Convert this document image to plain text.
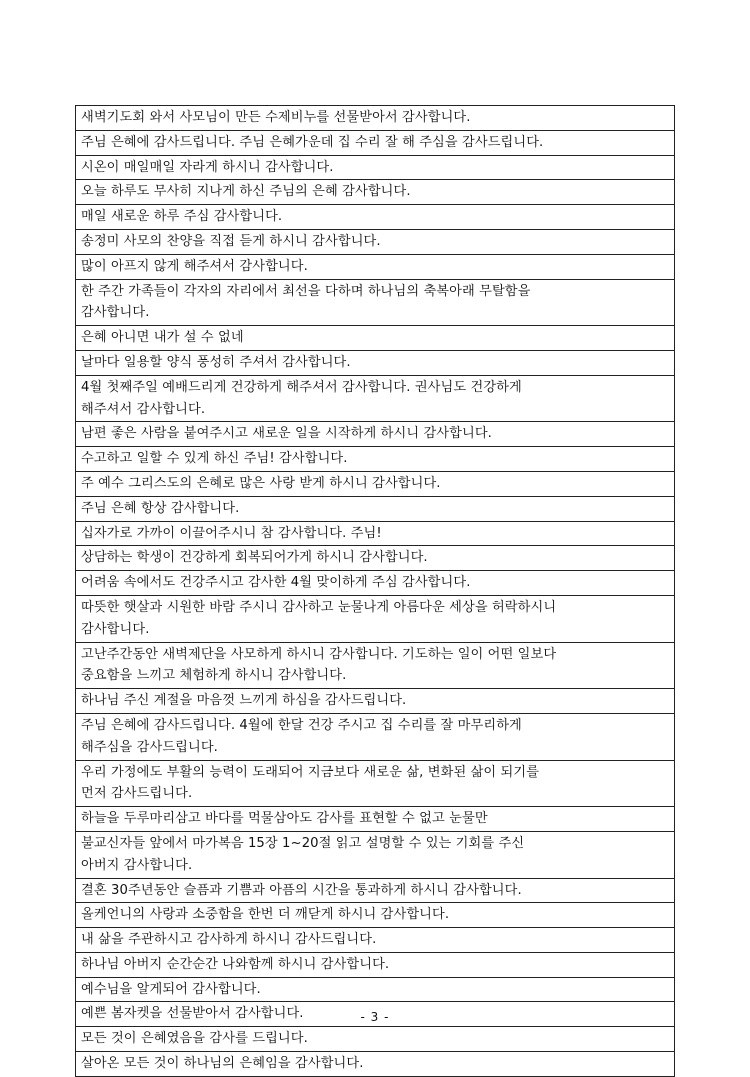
새벽기도회 와서 사모님이 만든 수제비누를 선물받아서 감사합니다.
주님 은혜에 감사드립니다. 주님 은혜가운데 집 수리 잘 해 주심을 감사드립니다.
시온이 매일매일 자라게 하시니 감사합니다.
오늘 하루도 무사히 지나게 하신 주님의 은혜 감사합니다.
매일 새로운 하루 주심 감사합니다.
송정미 사모의 찬양을 직접 듣게 하시니 감사합니다.
많이 아프지 않게 해주셔서 감사합니다.
한 주간 가족들이 각자의 자리에서 최선을 다하며 하나님의 축복아래 무탈함을
감사합니다.
은혜 아니면 내가 설 수 없네
날마다 일용할 양식 풍성히 주셔서 감사합니다.
4월 첫째주일 예배드리게 건강하게 해주셔서 감사합니다. 권사님도 건강하게
해주셔서 감사합니다.
남편 좋은 사람을 붙여주시고 새로운 일을 시작하게 하시니 감사합니다.
수고하고 일할 수 있게 하신 주님! 감사합니다.
주 예수 그리스도의 은혜로 많은 사랑 받게 하시니 감사합니다.
주님 은혜 항상 감사합니다.
십자가로 가까이 이끌어주시니 참 감사합니다. 주님!
상담하는 학생이 건강하게 회복되어가게 하시니 감사합니다.
어려움 속에서도 건강주시고 감사한 4월 맞이하게 주심 감사합니다.
따뜻한 햇살과 시원한 바람 주시니 감사하고 눈물나게 아름다운 세상을 허락하시니
감사합니다.
고난주간동안 새벽제단을 사모하게 하시니 감사합니다. 기도하는 일이 어떤 일보다
중요함을 느끼고 체험하게 하시니 감사합니다.
하나님 주신 계절을 마음껏 느끼게 하심을 감사드립니다.
주님 은혜에 감사드립니다. 4월에 한달 건강 주시고 집 수리를 잘 마무리하게
해주심을 감사드립니다.
우리 가정에도 부활의 능력이 도래되어 지금보다 새로운 삶, 변화된 삶이 되기를
먼저 감사드립니다.
하늘을 두루마리삼고 바다를 먹물삼아도 감사를 표현할 수 없고 눈물만
불교신자들 앞에서 마가복음 15장 1~20절 읽고 설명할 수 있는 기회를 주신
아버지 감사합니다.
결혼 30주년동안 슬픔과 기쁨과 아픔의 시간을 통과하게 하시니 감사합니다.
올케언니의 사랑과 소중함을 한번 더 깨닫게 하시니 감사합니다.
내 삶을 주관하시고 감사하게 하시니 감사드립니다.
하나님 아버지 순간순간 나와함께 하시니 감사합니다.
예수님을 알게되어 감사합니다.
예쁜 봄자켓을 선물받아서 감사합니다.
모든 것이 은혜였음을 감사를 드립니다.
살아온 모든 것이 하나님의 은혜임을 감사합니다.
- 3 -
